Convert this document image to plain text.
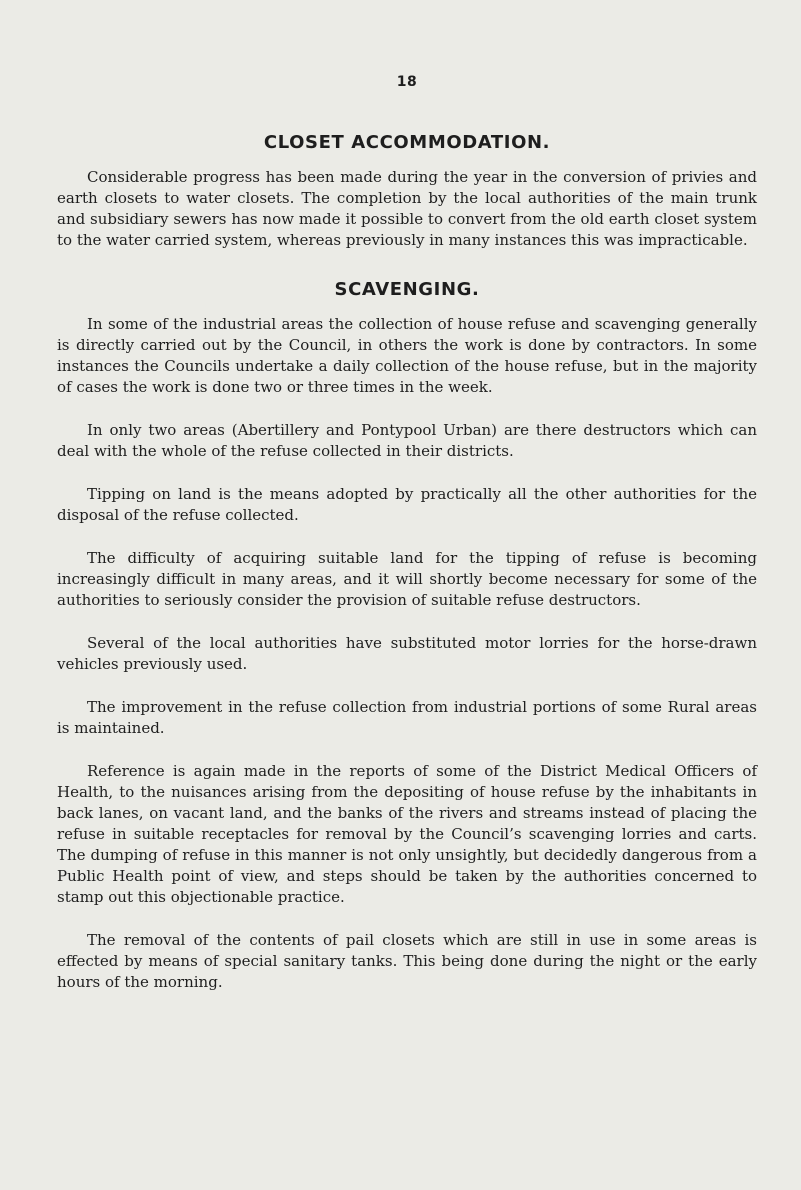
18
CLOSET ACCOMMODATION.

Considerable progress has been made during the year in the conversion of privies and earth closets to water closets. The completion by the local authorities of the main trunk and subsidiary sewers has now made it possible to convert from the old earth closet system to the water carried system, whereas previously in many instances this was impracticable.

SCAVENGING.

In some of the industrial areas the collection of house refuse and scavenging generally is directly carried out by the Council, in others the work is done by contractors. In some instances the Councils undertake a daily collection of the house refuse, but in the majority of cases the work is done two or three times in the week.

In only two areas (Abertillery and Pontypool Urban) are there destructors which can deal with the whole of the refuse collected in their districts.

Tipping on land is the means adopted by practically all the other authorities for the disposal of the refuse collected.

The difficulty of acquiring suitable land for the tipping of refuse is becoming increasingly difficult in many areas, and it will shortly become necessary for some of the authorities to seriously consider the provision of suitable refuse destructors.

Several of the local authorities have substituted motor lorries for the horse-drawn vehicles previously used.

The improvement in the refuse collection from industrial portions of some Rural areas is maintained.

Reference is again made in the reports of some of the District Medical Officers of Health, to the nuisances arising from the depositing of house refuse by the inhabitants in back lanes, on vacant land, and the banks of the rivers and streams instead of placing the refuse in suitable receptacles for removal by the Council’s scavenging lorries and carts. The dumping of refuse in this manner is not only unsightly, but decidedly dangerous from a Public Health point of view, and steps should be taken by the authorities concerned to stamp out this objectionable practice.

The removal of the contents of pail closets which are still in use in some areas is effected by means of special sanitary tanks. This being done during the night or the early hours of the morning.
